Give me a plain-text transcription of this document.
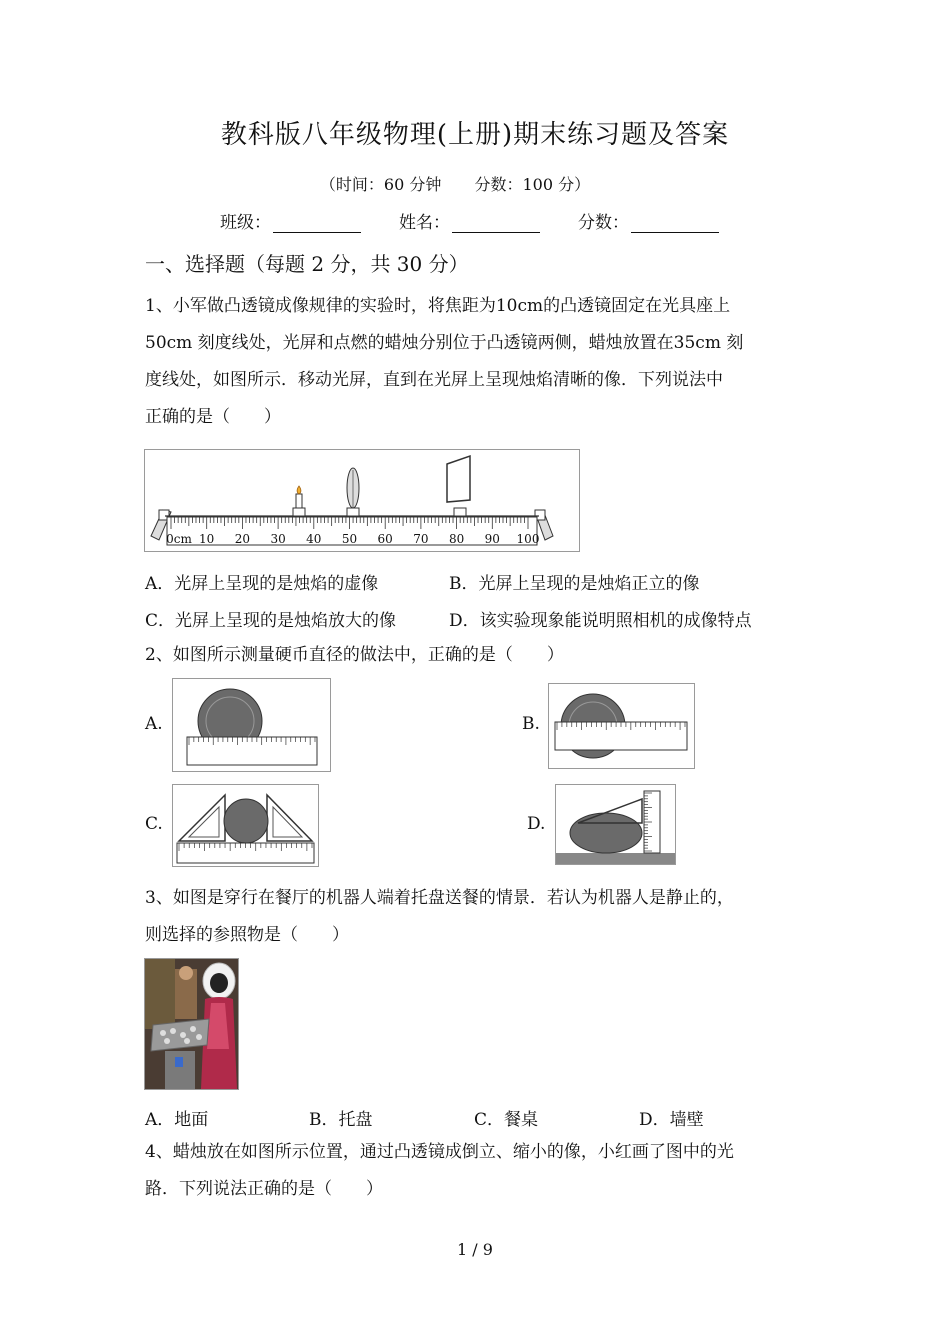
教科版八年级物理(上册)期末练习题及答案
（时间：60 分钟 分数：100 分）
班级：	姓名：	分数：
一、选择题（每题 2 分，共 30 分）
1、小军做凸透镜成像规律的实验时，将焦距为10cm的凸透镜固定在光具座上
50cm 刻度线处，光屏和点燃的蜡烛分别位于凸透镜两侧，蜡烛放置在35cm 刻
度线处，如图所示．移动光屏，直到在光屏上呈现烛焰清晰的像．下列说法中
正确的是（　　）
0cm 10 20 30 40 50 60 70 80 90 100
A．光屏上呈现的是烛焰的虚像	B．光屏上呈现的是烛焰正立的像
C．光屏上呈现的是烛焰放大的像	D．该实验现象能说明照相机的成像特点
2、如图所示测量硬币直径的做法中，正确的是（　　）
A.	B.
C.	D.
3、如图是穿行在餐厅的机器人端着托盘送餐的情景．若认为机器人是静止的，
则选择的参照物是（　　）
A．地面	B．托盘	C．餐桌	D．墙壁
4、蜡烛放在如图所示位置，通过凸透镜成倒立、缩小的像，小红画了图中的光
路．下列说法正确的是（　　）
1 / 9
